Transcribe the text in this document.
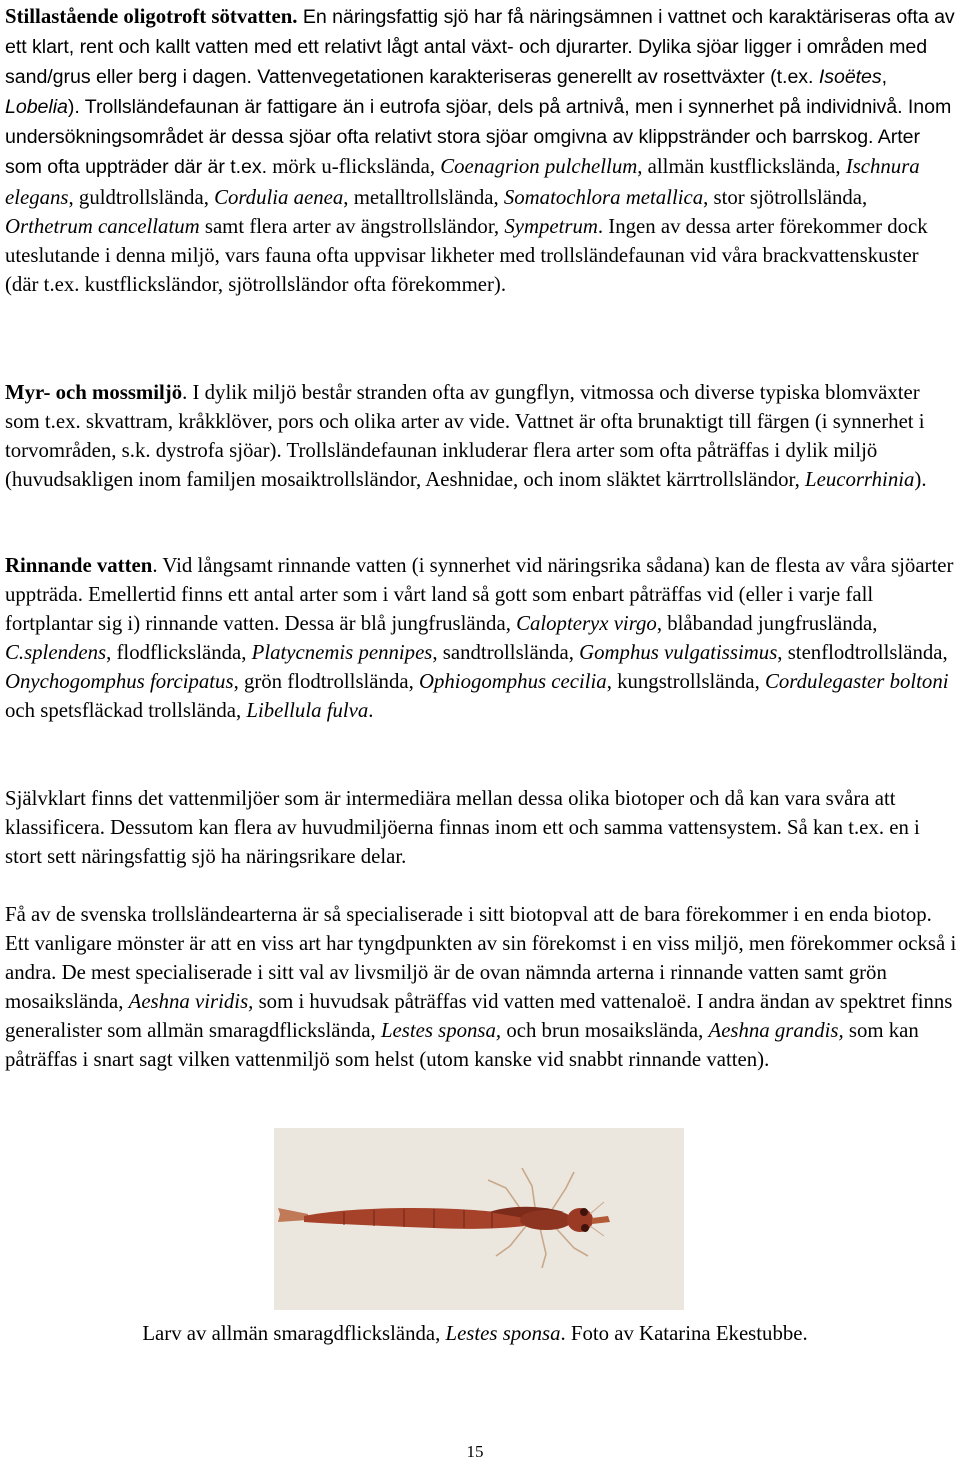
Stillastående oligotroft sötvatten. En näringsfattig sjö har få näringsämnen i vattnet och karaktäriseras ofta av ett klart, rent och kallt vatten med ett relativt lågt antal växt- och djurarter. Dylika sjöar ligger i områden med sand/grus eller berg i dagen. Vattenvegetationen karakteriseras generellt av rosettväxter (t.ex. Isoëtes, Lobelia). Trollsländefaunan är fattigare än i eutrofa sjöar, dels på artnivå, men i synnerhet på individnivå. Inom undersökningsområdet är dessa sjöar ofta relativt stora sjöar omgivna av klippstränder och barrskog. Arter som ofta uppträder där är t.ex. mörk u-flickslända, Coenagrion pulchellum, allmän kustflickslända, Ischnura elegans, guldtrollslända, Cordulia aenea, metalltrollslända, Somatochlora metallica, stor sjötrollslända, Orthetrum cancellatum samt flera arter av ängstrollsländor, Sympetrum. Ingen av dessa arter förekommer dock uteslutande i denna miljö, vars fauna ofta uppvisar likheter med trollsländefaunan vid våra brackvattenskuster (där t.ex. kustflicksländor, sjötrollsländor ofta förekommer).

Myr- och mossmiljö. I dylik miljö består stranden ofta av gungflyn, vitmossa och diverse typiska blomväxter som t.ex. skvattram, kråkklöver, pors och olika arter av vide. Vattnet är ofta brunaktigt till färgen (i synnerhet i torvområden, s.k. dystrofa sjöar). Trollsländefaunan inkluderar flera arter som ofta påträffas i dylik miljö (huvudsakligen inom familjen mosaiktrollsländor, Aeshnidae, och inom släktet kärrtrollsländor, Leucorrhinia).

Rinnande vatten. Vid långsamt rinnande vatten (i synnerhet vid näringsrika sådana) kan de flesta av våra sjöarter uppträda. Emellertid finns ett antal arter som i vårt land så gott som enbart påträffas vid (eller i varje fall fortplantar sig i) rinnande vatten. Dessa är blå jungfruslända, Calopteryx virgo, blåbandad jungfruslända, C.splendens, flodflickslända, Platycnemis pennipes, sandtrollslända, Gomphus vulgatissimus, stenflodtrollslända, Onychogomphus forcipatus, grön flodtrollslända, Ophiogomphus cecilia, kungstrollslända, Cordulegaster boltoni och spetsfläckad trollslända, Libellula fulva.

Självklart finns det vattenmiljöer som är intermediära mellan dessa olika biotoper och då kan vara svåra att klassificera. Dessutom kan flera av huvudmiljöerna finnas inom ett och samma vattensystem. Så kan t.ex. en i stort sett näringsfattig sjö ha näringsrikare delar.

Få av de svenska trollsländearterna är så specialiserade i sitt biotopval att de bara förekommer i en enda biotop. Ett vanligare mönster är att en viss art har tyngdpunkten av sin förekomst i en viss miljö, men förekommer också i andra. De mest specialiserade i sitt val av livsmiljö är de ovan nämnda arterna i rinnande vatten samt grön mosaikslända, Aeshna viridis, som i huvudsak påträffas vid vatten med vattenaloë. I andra ändan av spektret finns generalister som allmän smaragdflickslända, Lestes sponsa, och brun mosaikslända, Aeshna grandis, som kan påträffas i snart sagt vilken vattenmiljö som helst (utom kanske vid snabbt rinnande vatten).

Larv av allmän smaragdflickslända, Lestes sponsa. Foto av Katarina Ekestubbe.
15
